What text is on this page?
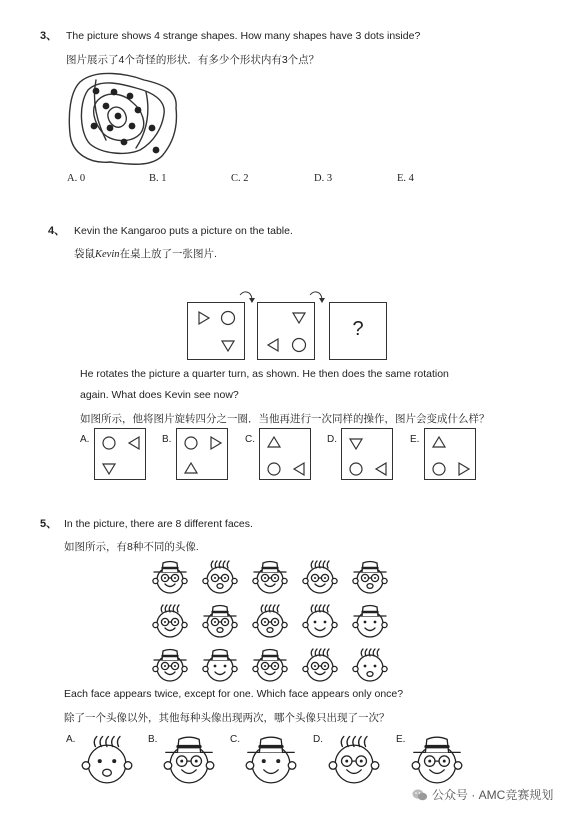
3、 The picture shows 4 strange shapes. How many shapes have 3 dots inside?
图片展示了4个奇怪的形状．有多少个形状内有3个点？
A. 0	B. 1	C. 2	D. 3	E. 4
4、 Kevin the Kangaroo puts a picture on the table.
袋鼠Kevin在桌上放了一张图片.
?
He rotates the picture a quarter turn, as shown. He then does the same rotation
again. What does Kevin see now?
如图所示，他将图片旋转四分之一圈．当他再进行一次同样的操作，图片会变成什么样？
A.	B.	C.	D.	E.
5、 In the picture, there are 8 different faces.
如图所示，有8种不同的头像.
Each face appears twice, except for one. Which face appears only once?
除了一个头像以外，其他每种头像出现两次，哪个头像只出现了一次？
A.	B.	C.	D.	E.
公众号 · AMC竞赛规划
